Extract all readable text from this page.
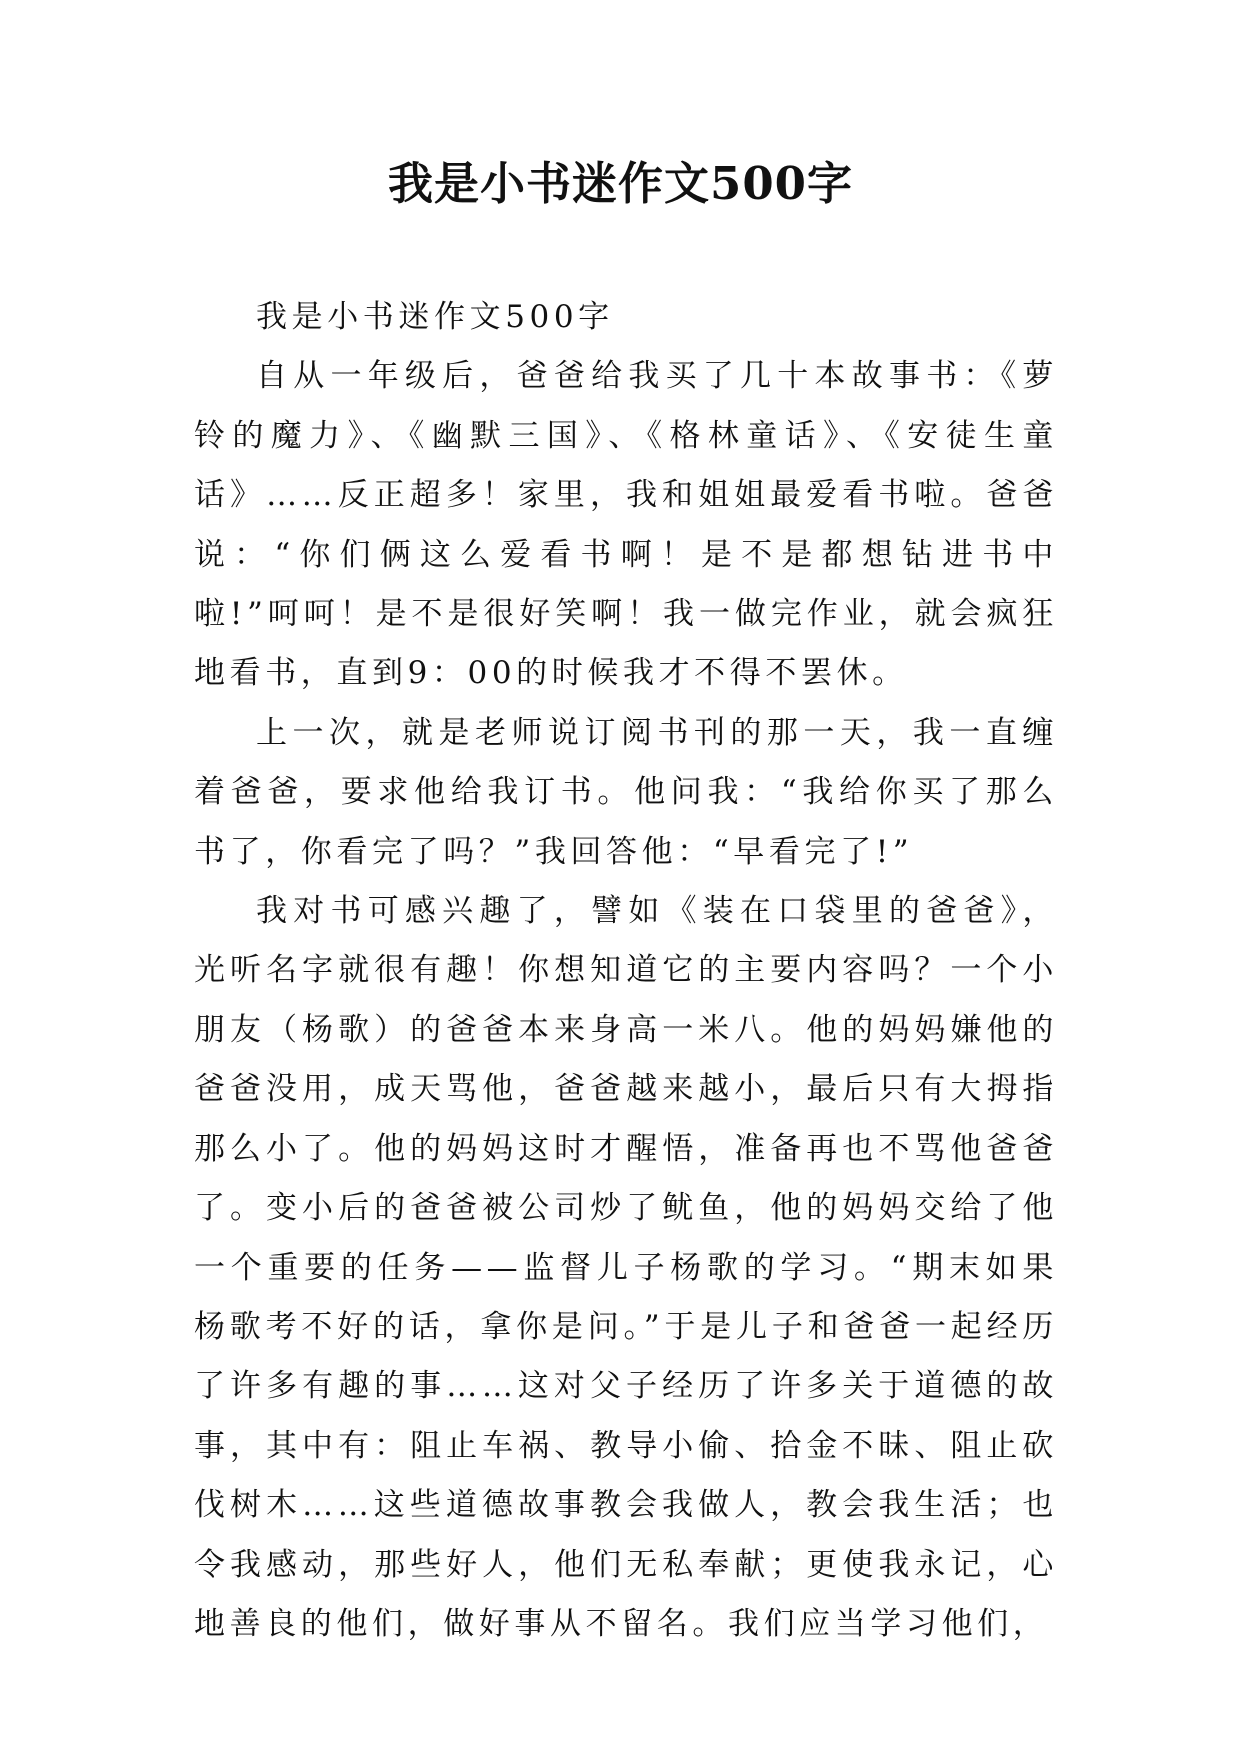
我是小书迷作文500字

我是小书迷作文500字

自从一年级后，爸爸给我买了几十本故事书：《萝铃的魔力》、《幽默三国》、《格林童话》、《安徒生童话》……反正超多！家里，我和姐姐最爱看书啦。爸爸说：“你们俩这么爱看书啊！是不是都想钻进书中啦!”呵呵！是不是很好笑啊！我一做完作业，就会疯狂地看书，直到9：00的时候我才不得不罢休。

上一次，就是老师说订阅书刊的那一天，我一直缠着爸爸，要求他给我订书。他问我：“我给你买了那么书了，你看完了吗？”我回答他：“早看完了!”

我对书可感兴趣了，譬如《装在口袋里的爸爸》，光听名字就很有趣！你想知道它的主要内容吗？一个小朋友（杨歌）的爸爸本来身高一米八。他的妈妈嫌他的爸爸没用，成天骂他，爸爸越来越小，最后只有大拇指那么小了。他的妈妈这时才醒悟，准备再也不骂他爸爸了。变小后的爸爸被公司炒了鱿鱼，他的妈妈交给了他一个重要的任务——监督儿子杨歌的学习。“期末如果杨歌考不好的话，拿你是问。”于是儿子和爸爸一起经历了许多有趣的事……这对父子经历了许多关于道德的故事，其中有：阻止车祸、教导小偷、拾金不昧、阻止砍伐树木……这些道德故事教会我做人，教会我生活；也令我感动，那些好人，他们无私奉献；更使我永记，心地善良的他们，做好事从不留名。我们应当学习他们，
